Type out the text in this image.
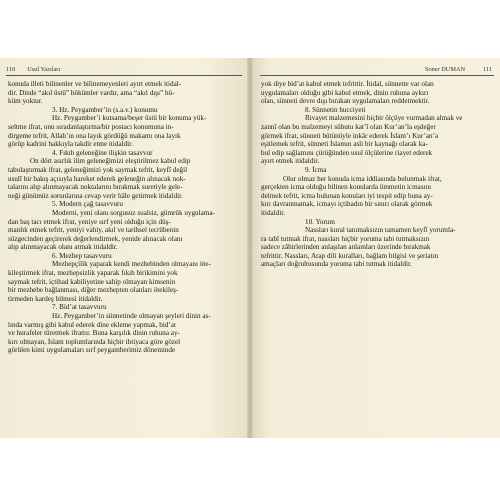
110 Usul Yazıları
konuda illeti bilinenler ve bilinemeyenleri ayırt etmek itidal-
dir. Dinde “akıl üstü” hükümler vardır, ama “akıl dışı” hü-
küm yoktur.
3. Hz. Peygamber’in (s.a.v.) konumu
Hz. Peygamber’i kutsama/beşer üstü bir konuma yük-
seltme ifrat, onu sıradanlaştırma/bir postacı konumuna in-
dirgeme tefrit, Allah’ın ona layık gördüğü makamı ona layık
görüp kadrini hakkıyla takdir etme itidaldir.
4. Fıkıh geleneğine ilişkin tasavvur
On dört asırlık ilim geleneğimizi eleştirilmez kabul edip
tabulaştırmak ifrat, geleneğimizi yok saymak tefrit, keyfî değil
usulî bir bakış açısıyla hareket ederek geleneğin alınacak nok-
talarını alıp alınmayacak noktalarını bırakmak suretiyle gele-
neği günümüz sorunlarına cevap verir hâle getirmek itidaldir.
5. Modern çağ tasavvuru
Moderni, yeni olanı sorgusuz sualsiz, gümrük uygulama-
dan baş tacı etmek ifrat, yeniye sırf yeni olduğu için düş-
manlık etmek tefrit, yeniyi vahiy, akıl ve tarihsel tecrübenin
süzgecinden geçirerek değerlendirmek, yenide alınacak olanı
alıp alınmayacak olanı atmak itidaldir.
6. Mezhep tasavvuru
Mezhepçilik yaparak kendi mezhebinden olmayanı öte-
kileştirmek ifrat, mezhepsizlik yaparak fıkıh birikimini yok
saymak tefrit, içtihad kabiliyetine sahip olmayan kimsenin
bir mezhebe bağlanması, diğer mezhepten olanları ötekileş-
tirmeden kardeş bilmesi itidaldir.
7. Bid’at tasavvuru
Hz. Peygamber’in sünnetinde olmayan şeyleri dinin as-
lında varmış gibi kabul ederek dine ekleme yapmak, bid’at
ve hurafeler türetmek ifrattır. Buna karşılık dinin ruhuna ay-
kırı olmayan, İslam toplumlarında hiçbir ihtiyaca göre gözel
görülen kimi uygulamaları sırf peygamberimiz döneminde
Soner DUMAN	111
yok diye bid’at kabul etmek tefrittir. İtidal, sünnette var olan
uygulamaları olduğu gibi kabul etmek, dinin ruhuna aykırı
olan, sünneti devre dışı bırakan uygulamaları reddetmektir.
8. Sünnetin hucciyeti
Rivayet malzemesini hiçbir ölçüye vurmadan almak ve
zannî olan bu malzemeyi sübutu kat’î olan Kur’an’la eşdeğer
görmek ifrat, sünneti bütünüyle inkâr ederek İslam’ı Kur’an’a
eşitlemek tefrit, sünneti İslamın asli bir kaynağı olarak ka-
bul edip sağlamını çürüğünden usul ölçülerine riayet ederek
ayırt etmek itidaldir.
9. İcma
Olur olmaz her konuda icma iddiasında bulunmak ifrat,
gerçekten icma olduğu bilinen konularda ümmetin icmasını
delmek tefrit, icma bulunan konuları iyi tespit edip buna ay-
kırı davranmamak, icmayı içtihadın bir sınırı olarak görmek
itidaldir.
10. Yorum
Nassları kural tanımaksızın tamamen keyfî yorumla-
ra tabî tutmak ifrat, nassları hiçbir yoruma tabi tutmaksızın
sadece zâhirlerinden anlaşılan anlamları üzerinde bırakmak
tefrittir. Nassları, Arap dili kuralları, bağlam bilgisi ve şeriatın
amaçları doğrultusunda yoruma tabi tutmak itidaldir.
